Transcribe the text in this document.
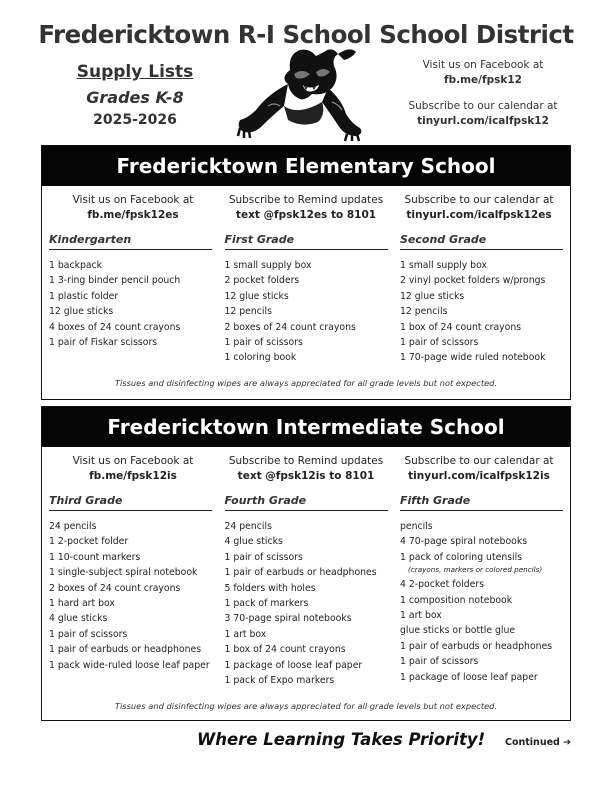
Fredericktown R-I School School District
Supply Lists
Grades K-8
2025-2026
Visit us on Facebook at
fb.me/fpsk12
Subscribe to our calendar at
tinyurl.com/icalfpsk12
Fredericktown Elementary School
Visit us on Facebook at
fb.me/fpsk12es
Subscribe to Remind updates
text @fpsk12es to 8101
Subscribe to our calendar at
tinyurl.com/icalfpsk12es
Kindergarten
1 backpack
1 3-ring binder pencil pouch
1 plastic folder
12 glue sticks
4 boxes of 24 count crayons
1 pair of Fiskar scissors
First Grade
1 small supply box
2 pocket folders
12 glue sticks
12 pencils
2 boxes of 24 count crayons
1 pair of scissors
1 coloring book
Second Grade
1 small supply box
2 vinyl pocket folders w/prongs
12 glue sticks
12 pencils
1 box of 24 count crayons
1 pair of scissors
1 70-page wide ruled notebook
Tissues and disinfecting wipes are always appreciated for all grade levels but not expected.
Fredericktown Intermediate School
Visit us on Facebook at
fb.me/fpsk12is
Subscribe to Remind updates
text @fpsk12is to 8101
Subscribe to our calendar at
tinyurl.com/icalfpsk12is
Third Grade
24 pencils
1 2-pocket folder
1 10-count markers
1 single-subject spiral notebook
2 boxes of 24 count crayons
1 hard art box
4 glue sticks
1 pair of scissors
1 pair of earbuds or headphones
1 pack wide-ruled loose leaf paper
Fourth Grade
24 pencils
4 glue sticks
1 pair of scissors
1 pair of earbuds or headphones
5 folders with holes
1 pack of markers
3 70-page spiral notebooks
1 art box
1 box of 24 count crayons
1 package of loose leaf paper
1 pack of Expo markers
Fifth Grade
pencils
4 70-page spiral notebooks
1 pack of coloring utensils
(crayons, markers or colored pencils)
4 2-pocket folders
1 composition notebook
1 art box
glue sticks or bottle glue
1 pair of earbuds or headphones
1 pair of scissors
1 package of loose leaf paper
Tissues and disinfecting wipes are always appreciated for all grade levels but not expected.
Where Learning Takes Priority! Continued ➔
